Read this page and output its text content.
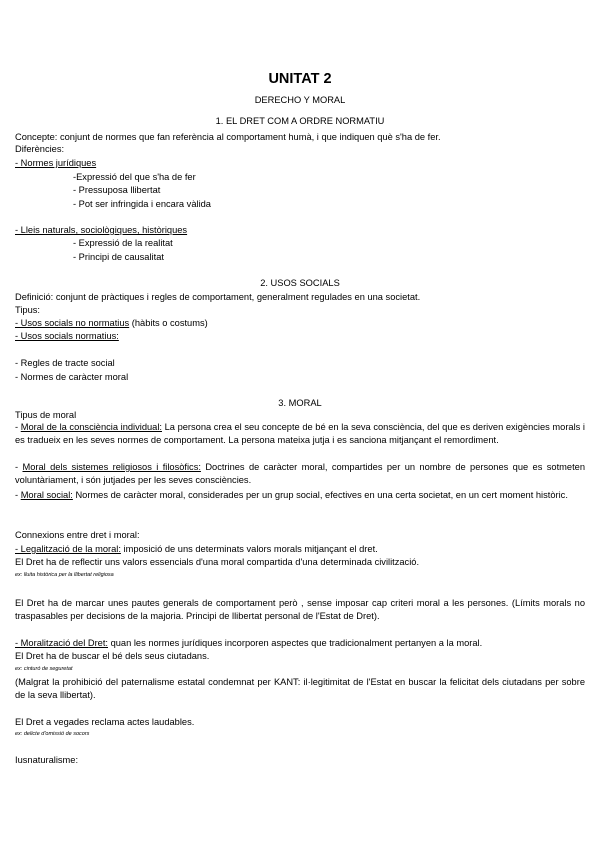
UNITAT 2
DERECHO Y MORAL
1. EL DRET COM A ORDRE NORMATIU
Concepte: conjunt de normes que fan referència al comportament humà, i que indiquen què s'ha de fer.
Diferències:
- Normes jurídiques
-Expressió del que s'ha de fer
- Pressuposa llibertat
- Pot ser infringida i encara vàlida
- Lleis naturals, sociològiques, històriques
- Expressió de la realitat
- Principi de causalitat
2. USOS SOCIALS
Definició: conjunt de pràctiques i regles de comportament, generalment regulades en una societat.
Tipus:
- Usos socials no normatius (hàbits o costums)
- Usos socials normatius:
- Regles de tracte social
- Normes de caràcter moral
3. MORAL
Tipus de moral
- Moral de la consciència individual: La persona crea el seu concepte de bé en la seva consciència, del que es deriven exigències morals i es tradueix en les seves normes de comportament. La persona mateixa jutja i es sanciona mitjançant el remordiment.
- Moral dels sistemes religiosos i filosòfics: Doctrines de caràcter moral, compartides per un nombre de persones que es sotmeten voluntàriament, i són jutjades per les seves consciències.
- Moral social: Normes de caràcter moral, considerades per un grup social, efectives en una certa societat, en un cert moment històric.
Connexions entre dret i moral:
- Legalització de la moral: imposició de uns determinats valors morals mitjançant el dret.
El Dret ha de reflectir uns valors essencials d'una moral compartida d'una determinada civilització.
ex: lluita històrica per la llibertat religiosa
El Dret ha de marcar unes pautes generals de comportament però , sense imposar cap criteri moral a les persones. (Límits morals no traspasables per decisions de la majoria. Principi de llibertat personal de l'Estat de Dret).
- Moralització del Dret: quan les normes jurídiques incorporen aspectes que tradicionalment pertanyen a la moral.
El Dret ha de buscar el bé dels seus ciutadans.
ex: cinturó de seguretat
(Malgrat la prohibició del paternalisme estatal condemnat per KANT: il·legitimitat de l'Estat en buscar la felicitat dels ciutadans per sobre de la seva llibertat).
El Dret a vegades reclama actes laudables.
ex: delicte d'omissió de socors
Iusnaturalisme:
